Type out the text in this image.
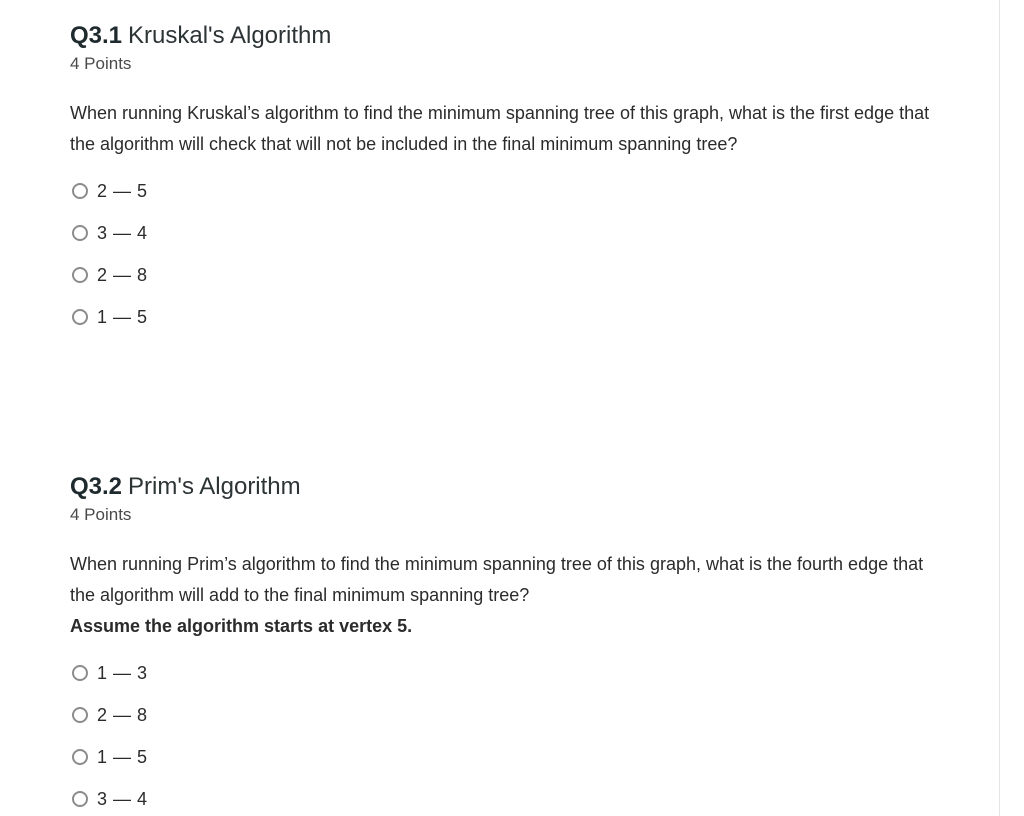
Q3.1 Kruskal's Algorithm
4 Points
When running Kruskal’s algorithm to find the minimum spanning tree of this graph, what is the first edge that the algorithm will check that will not be included in the final minimum spanning tree?
2 — 5
3 — 4
2 — 8
1 — 5
Q3.2 Prim's Algorithm
4 Points
When running Prim’s algorithm to find the minimum spanning tree of this graph, what is the fourth edge that the algorithm will add to the final minimum spanning tree?
Assume the algorithm starts at vertex 5.
1 — 3
2 — 8
1 — 5
3 — 4
